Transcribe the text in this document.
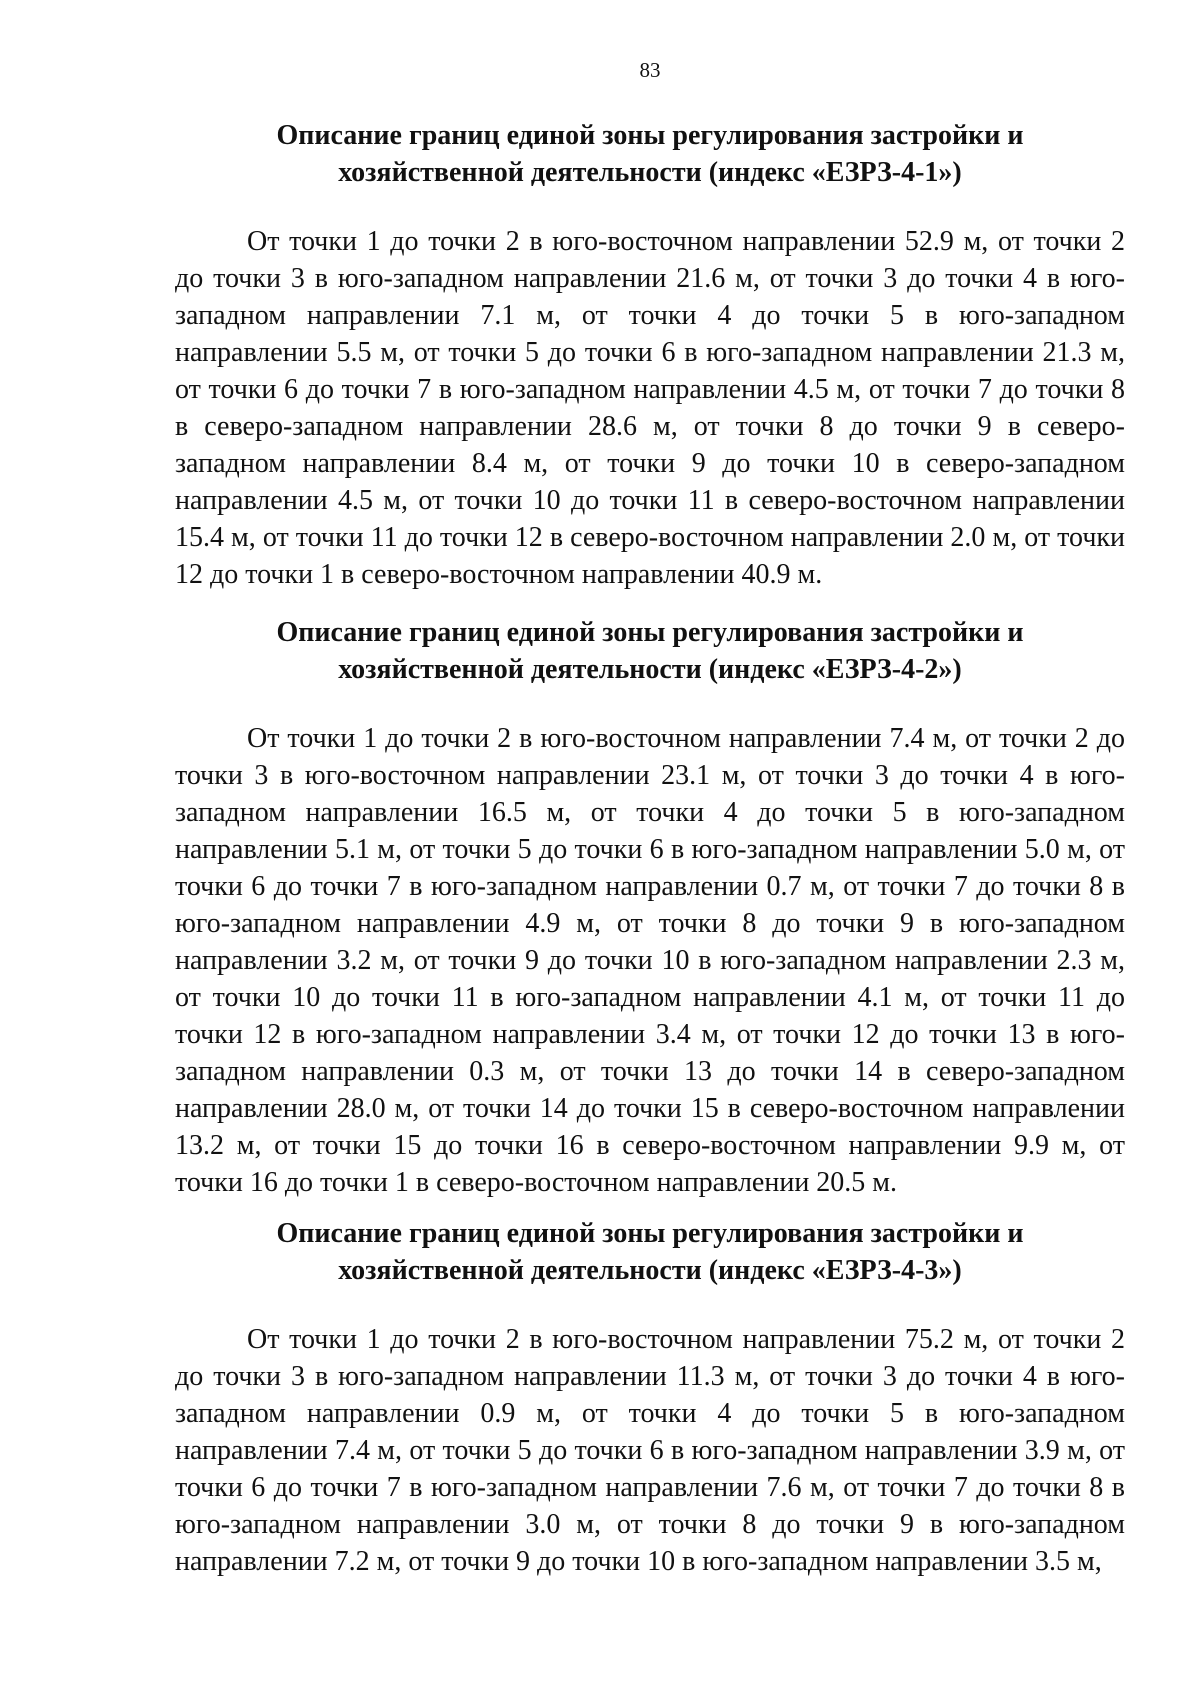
83
Описание границ единой зоны регулирования застройки и
хозяйственной деятельности (индекс «ЕЗРЗ-4-1»)

От точки 1 до точки 2 в юго-восточном направлении 52.9 м, от точки 2 до точки 3 в юго-западном направлении 21.6 м, от точки 3 до точки 4 в юго-западном направлении 7.1 м, от точки 4 до точки 5 в юго-западном направлении 5.5 м, от точки 5 до точки 6 в юго-западном направлении 21.3 м, от точки 6 до точки 7 в юго-западном направлении 4.5 м, от точки 7 до точки 8 в северо-западном направлении 28.6 м, от точки 8 до точки 9 в северо-западном направлении 8.4 м, от точки 9 до точки 10 в северо-западном направлении 4.5 м, от точки 10 до точки 11 в северо-восточном направлении 15.4 м, от точки 11 до точки 12 в северо-восточном направлении 2.0 м, от точки 12 до точки 1 в северо-восточном направлении 40.9 м.

Описание границ единой зоны регулирования застройки и
хозяйственной деятельности (индекс «ЕЗРЗ-4-2»)

От точки 1 до точки 2 в юго-восточном направлении 7.4 м, от точки 2 до точки 3 в юго-восточном направлении 23.1 м, от точки 3 до точки 4 в юго-западном направлении 16.5 м, от точки 4 до точки 5 в юго-западном направлении 5.1 м, от точки 5 до точки 6 в юго-западном направлении 5.0 м, от точки 6 до точки 7 в юго-западном направлении 0.7 м, от точки 7 до точки 8 в юго-западном направлении 4.9 м, от точки 8 до точки 9 в юго-западном направлении 3.2 м, от точки 9 до точки 10 в юго-западном направлении 2.3 м, от точки 10 до точки 11 в юго-западном направлении 4.1 м, от точки 11 до точки 12 в юго-западном направлении 3.4 м, от точки 12 до точки 13 в юго-западном направлении 0.3 м, от точки 13 до точки 14 в северо-западном направлении 28.0 м, от точки 14 до точки 15 в северо-восточном направлении 13.2 м, от точки 15 до точки 16 в северо-восточном направлении 9.9 м, от точки 16 до точки 1 в северо-восточном направлении 20.5 м.

Описание границ единой зоны регулирования застройки и
хозяйственной деятельности (индекс «ЕЗРЗ-4-3»)

От точки 1 до точки 2 в юго-восточном направлении 75.2 м, от точки 2 до точки 3 в юго-западном направлении 11.3 м, от точки 3 до точки 4 в юго-западном направлении 0.9 м, от точки 4 до точки 5 в юго-западном направлении 7.4 м, от точки 5 до точки 6 в юго-западном направлении 3.9 м, от точки 6 до точки 7 в юго-западном направлении 7.6 м, от точки 7 до точки 8 в юго-западном направлении 3.0 м, от точки 8 до точки 9 в юго-западном направлении 7.2 м, от точки 9 до точки 10 в юго-западном направлении 3.5 м,
